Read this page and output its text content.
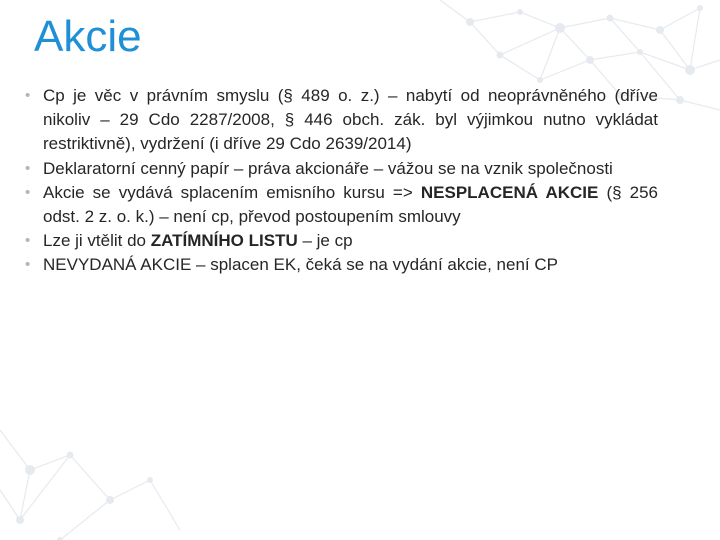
Akcie
• Cp je věc v právním smyslu (§ 489 o. z.) – nabytí od neoprávněného (dříve nikoliv – 29 Cdo 2287/2008, § 446 obch. zák. byl výjimkou nutno vykládat restriktivně), vydržení (i dříve 29 Cdo 2639/2014)
• Deklaratorní cenný papír – práva akcionáře – vážou se na vznik společnosti
• Akcie se vydává splacením emisního kursu => NESPLACENÁ AKCIE (§ 256 odst. 2 z. o. k.) – není cp, převod postoupením smlouvy
• Lze ji vtělit do ZATÍMNÍHO LISTU – je cp
• NEVYDANÁ AKCIE – splacen EK, čeká se na vydání akcie, není CP
